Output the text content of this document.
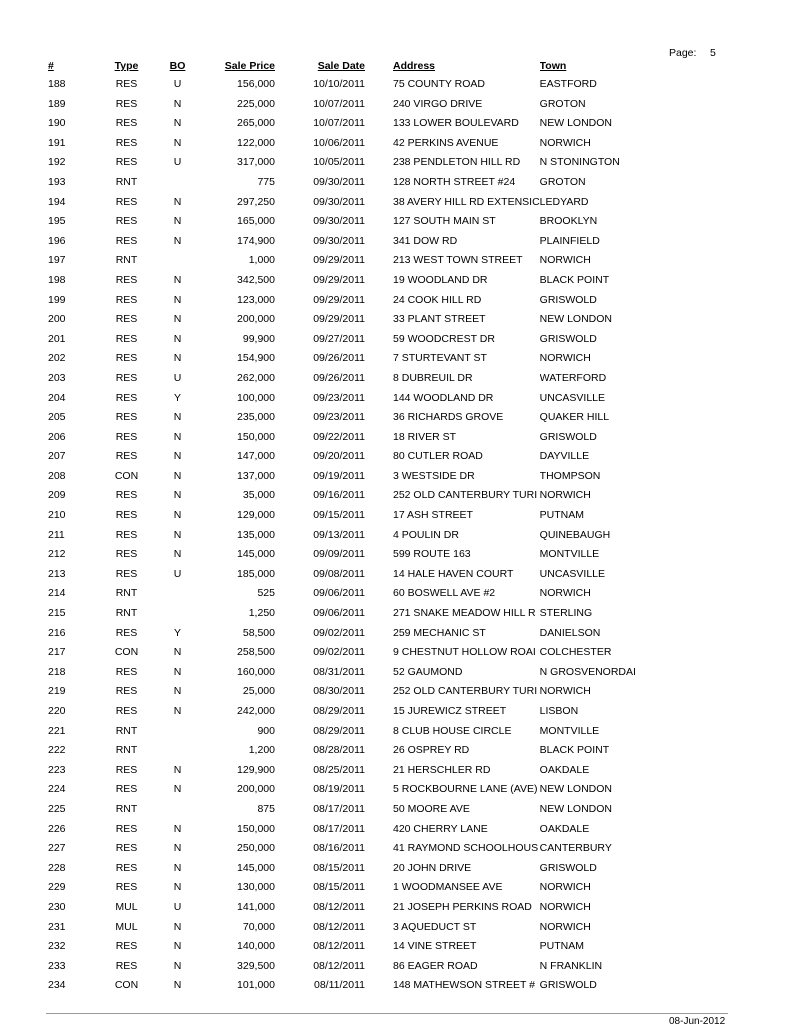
Page: 5
#	Type	BO	Sale Price	Sale Date		Address	Town
188	RES	U	156,000	10/10/2011		75 COUNTY ROAD	EASTFORD
189	RES	N	225,000	10/07/2011		240 VIRGO DRIVE	GROTON
190	RES	N	265,000	10/07/2011		133 LOWER BOULEVARD	NEW LONDON
191	RES	N	122,000	10/06/2011		42 PERKINS AVENUE	NORWICH
192	RES	U	317,000	10/05/2011		238 PENDLETON HILL RD	N STONINGTON
193	RNT		775	09/30/2011		128 NORTH STREET #24	GROTON
194	RES	N	297,250	09/30/2011		38 AVERY HILL RD EXTENSIC	LEDYARD
195	RES	N	165,000	09/30/2011		127 SOUTH MAIN ST	BROOKLYN
196	RES	N	174,900	09/30/2011		341 DOW RD	PLAINFIELD
197	RNT		1,000	09/29/2011		213 WEST TOWN STREET	NORWICH
198	RES	N	342,500	09/29/2011		19 WOODLAND DR	BLACK POINT
199	RES	N	123,000	09/29/2011		24 COOK HILL RD	GRISWOLD
200	RES	N	200,000	09/29/2011		33 PLANT STREET	NEW LONDON
201	RES	N	99,900	09/27/2011		59 WOODCREST DR	GRISWOLD
202	RES	N	154,900	09/26/2011		7 STURTEVANT ST	NORWICH
203	RES	U	262,000	09/26/2011		8 DUBREUIL DR	WATERFORD
204	RES	Y	100,000	09/23/2011		144 WOODLAND DR	UNCASVILLE
205	RES	N	235,000	09/23/2011		36 RICHARDS GROVE	QUAKER HILL
206	RES	N	150,000	09/22/2011		18 RIVER ST	GRISWOLD
207	RES	N	147,000	09/20/2011		80 CUTLER ROAD	DAYVILLE
208	CON	N	137,000	09/19/2011		3 WESTSIDE DR	THOMPSON
209	RES	N	35,000	09/16/2011		252 OLD CANTERBURY TURI	NORWICH
210	RES	N	129,000	09/15/2011		17 ASH STREET	PUTNAM
211	RES	N	135,000	09/13/2011		4 POULIN DR	QUINEBAUGH
212	RES	N	145,000	09/09/2011		599 ROUTE 163	MONTVILLE
213	RES	U	185,000	09/08/2011		14 HALE HAVEN COURT	UNCASVILLE
214	RNT		525	09/06/2011		60 BOSWELL AVE #2	NORWICH
215	RNT		1,250	09/06/2011		271 SNAKE MEADOW HILL R	STERLING
216	RES	Y	58,500	09/02/2011		259 MECHANIC ST	DANIELSON
217	CON	N	258,500	09/02/2011		9 CHESTNUT HOLLOW ROAI	COLCHESTER
218	RES	N	160,000	08/31/2011		52 GAUMOND	N GROSVENORDAI
219	RES	N	25,000	08/30/2011		252 OLD CANTERBURY TURI	NORWICH
220	RES	N	242,000	08/29/2011		15 JUREWICZ STREET	LISBON
221	RNT		900	08/29/2011		8 CLUB HOUSE CIRCLE	MONTVILLE
222	RNT		1,200	08/28/2011		26 OSPREY RD	BLACK POINT
223	RES	N	129,900	08/25/2011		21 HERSCHLER RD	OAKDALE
224	RES	N	200,000	08/19/2011		5 ROCKBOURNE LANE (AVE)	NEW LONDON
225	RNT		875	08/17/2011		50 MOORE AVE	NEW LONDON
226	RES	N	150,000	08/17/2011		420 CHERRY LANE	OAKDALE
227	RES	N	250,000	08/16/2011		41 RAYMOND SCHOOLHOUS	CANTERBURY
228	RES	N	145,000	08/15/2011		20 JOHN DRIVE	GRISWOLD
229	RES	N	130,000	08/15/2011		1 WOODMANSEE AVE	NORWICH
230	MUL	U	141,000	08/12/2011		21 JOSEPH PERKINS ROAD	NORWICH
231	MUL	N	70,000	08/12/2011		3 AQUEDUCT ST	NORWICH
232	RES	N	140,000	08/12/2011		14 VINE STREET	PUTNAM
233	RES	N	329,500	08/12/2011		86 EAGER ROAD	N FRANKLIN
234	CON	N	101,000	08/11/2011		148 MATHEWSON STREET #	GRISWOLD
08-Jun-2012
